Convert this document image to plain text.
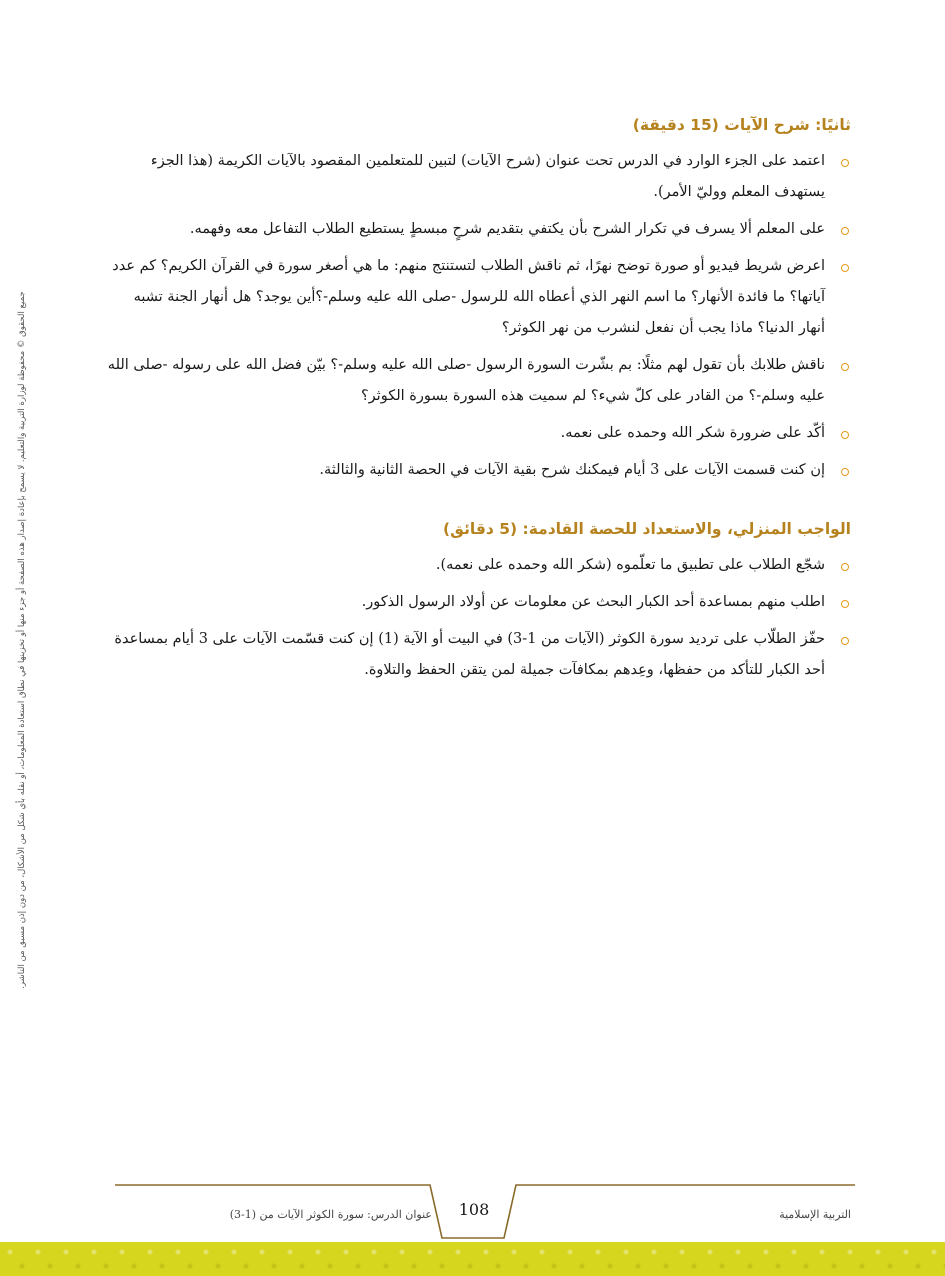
جميع الحقوق © محفوظة لوزارة التربية والتعليم. لا يسمح بإعادة إصدار هذه الصفحة أو جزء منها أو تخزينها في نطاق استعادة المعلومات، أو نقله بأي شكل من الأشكال، من دون إذن مسبق من الناشر.
ثانيًا: شرح الآيات (15 دقيقة)
اعتمد على الجزء الوارد في الدرس تحت عنوان (شرح الآيات) لتبين للمتعلمين المقصود بالآيات الكريمة (هذا الجزء يستهدف المعلم ووليّ الأمر).
على المعلم ألا يسرف في تكرار الشرح بأن يكتفي بتقديم شرحٍ مبسطٍ يستطيع الطلاب التفاعل معه وفهمه.
اعرض شريط فيديو أو صورة توضح نهرًا، ثم ناقش الطلاب لتستنتج منهم: ما هي أصغر سورة في القرآن الكريم؟ كم عدد آياتها؟ ما فائدة الأنهار؟ ما اسم النهر الذي أعطاه الله للرسول -صلى الله عليه وسلم-؟أين يوجد؟ هل أنهار الجنة تشبه أنهار الدنيا؟ ماذا يجب أن نفعل لنشرب من نهر الكوثر؟
ناقش طلابك بأن تقول لهم مثلًا: بم بشّرت السورة الرسول -صلى الله عليه وسلم-؟ بيّن فضل الله على رسوله -صلى الله عليه وسلم-؟ من القادر على كلّ شيء؟ لم سميت هذه السورة بسورة الكوثر؟
أكّد على ضرورة شكر الله وحمده على نعمه.
إن كنت قسمت الآيات على 3 أيام فيمكنك شرح بقية الآيات في الحصة الثانية والثالثة.
الواجب المنزلي، والاستعداد للحصة القادمة: (5 دقائق)
شجّع الطلاب على تطبيق ما تعلّموه (شكر الله وحمده على نعمه).
اطلب منهم بمساعدة أحد الكبار البحث عن معلومات عن أولاد الرسول الذكور.
حفّز الطلّاب على ترديد سورة الكوثر (الآيات من 1-3) في البيت أو الآية (1) إن كنت قسّمت الآيات على 3 أيام بمساعدة أحد الكبار للتأكد من حفظها، وعِدهم بمكافآت جميلة لمن يتقن الحفظ والتلاوة.
108
عنوان الدرس: سورة الكوثر الآيات من (1-3)	التربية الإسلامية
